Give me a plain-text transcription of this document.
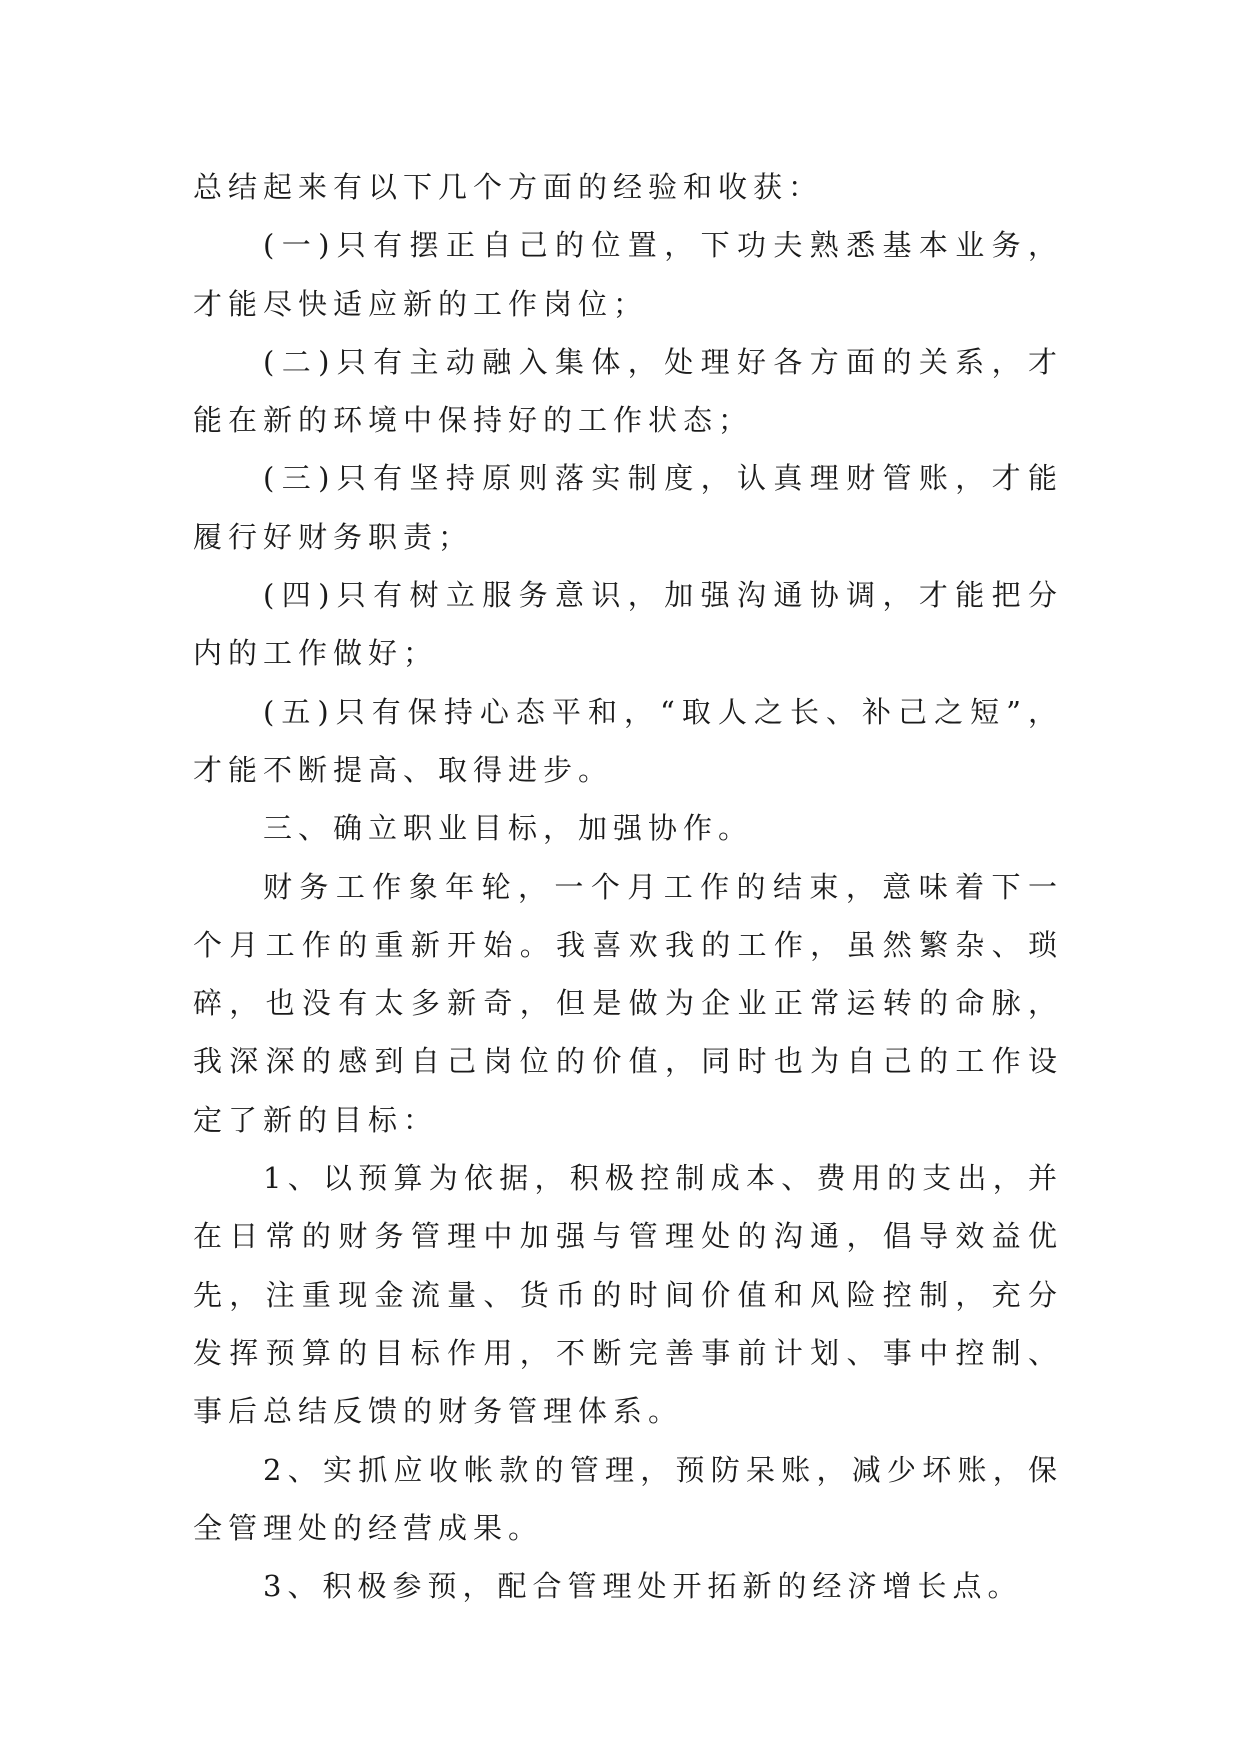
总结起来有以下几个方面的经验和收获：

(一)只有摆正自己的位置，下功夫熟悉基本业务，才能尽快适应新的工作岗位；

(二)只有主动融入集体，处理好各方面的关系，才能在新的环境中保持好的工作状态；

(三)只有坚持原则落实制度，认真理财管账，才能履行好财务职责；

(四)只有树立服务意识，加强沟通协调，才能把分内的工作做好；

(五)只有保持心态平和，“取人之长、补己之短”，才能不断提高、取得进步。

三、确立职业目标，加强协作。

财务工作象年轮，一个月工作的结束，意味着下一个月工作的重新开始。我喜欢我的工作，虽然繁杂、琐碎，也没有太多新奇，但是做为企业正常运转的命脉，我深深的感到自己岗位的价值，同时也为自己的工作设定了新的目标：

1、以预算为依据，积极控制成本、费用的支出，并在日常的财务管理中加强与管理处的沟通，倡导效益优先，注重现金流量、货币的时间价值和风险控制，充分发挥预算的目标作用，不断完善事前计划、事中控制、事后总结反馈的财务管理体系。

2、实抓应收帐款的管理，预防呆账，减少坏账，保全管理处的经营成果。

3、积极参预，配合管理处开拓新的经济增长点。
